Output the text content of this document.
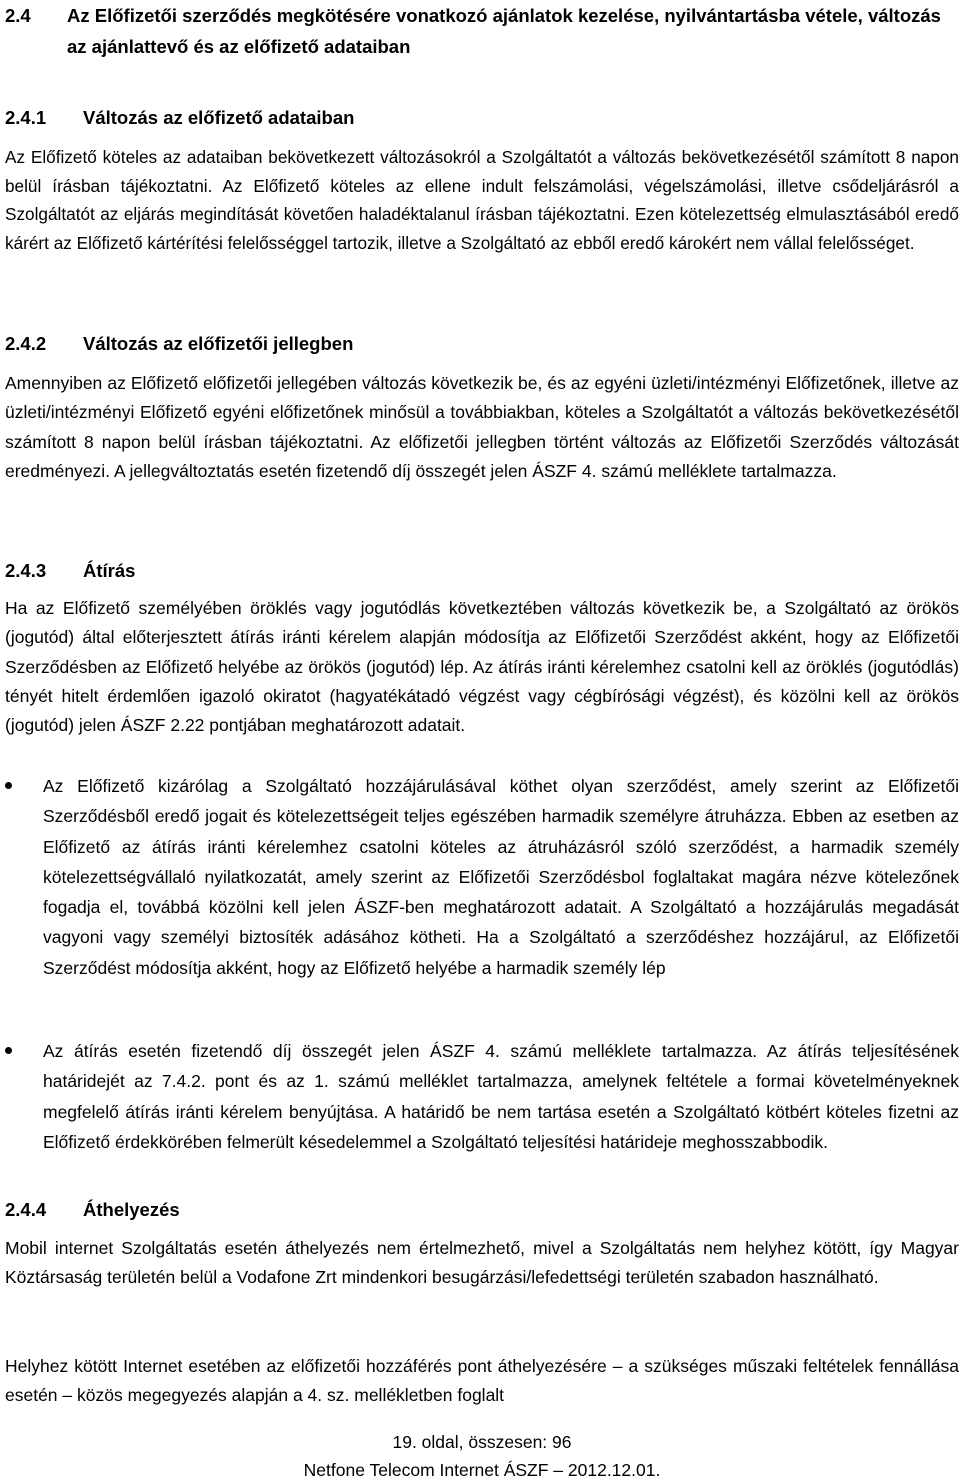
2.4	Az Előfizetői szerződés megkötésére vonatkozó ajánlatok kezelése, nyilvántartásba vétele, változás az ajánlattevő és az előfizető adataiban
2.4.1 Változás az előfizető adataiban
Az Előfizető köteles az adataiban bekövetkezett változásokról a Szolgáltatót a változás bekövetkezésétől számított 8 napon belül írásban tájékoztatni. Az Előfizető köteles az ellene indult felszámolási, végelszámolási, illetve csődeljárásról a Szolgáltatót az eljárás megindítását követően haladéktalanul írásban tájékoztatni. Ezen kötelezettség elmulasztásából eredő kárért az Előfizető kártérítési felelősséggel tartozik, illetve a Szolgáltató az ebből eredő károkért nem vállal felelősséget.
2.4.2 Változás az előfizetői jellegben
Amennyiben az Előfizető előfizetői jellegében változás következik be, és az egyéni üzleti/intézményi Előfizetőnek, illetve az üzleti/intézményi Előfizető egyéni előfizetőnek minősül a továbbiakban, köteles a Szolgáltatót a változás bekövetkezésétől számított 8 napon belül írásban tájékoztatni. Az előfizetői jellegben történt változás az Előfizetői Szerződés változását eredményezi. A jellegváltoztatás esetén fizetendő díj összegét jelen ÁSZF 4. számú melléklete tartalmazza.
2.4.3 Átírás
Ha az Előfizető személyében öröklés vagy jogutódlás következtében változás következik be, a Szolgáltató az örökös (jogutód) által előterjesztett átírás iránti kérelem alapján módosítja az Előfizetői Szerződést akként, hogy az Előfizetői Szerződésben az Előfizető helyébe az örökös (jogutód) lép. Az átírás iránti kérelemhez csatolni kell az öröklés (jogutódlás) tényét hitelt érdemlően igazoló okiratot (hagyatékátadó végzést vagy cégbírósági végzést), és közölni kell az örökös (jogutód) jelen ÁSZF 2.22 pontjában meghatározott adatait.
Az Előfizető kizárólag a Szolgáltató hozzájárulásával köthet olyan szerződést, amely szerint az Előfizetői Szerződésből eredő jogait és kötelezettségeit teljes egészében harmadik személyre átruházza. Ebben az esetben az Előfizető az átírás iránti kérelemhez csatolni köteles az átruházásról szóló szerződést, a harmadik személy kötelezettségvállaló nyilatkozatát, amely szerint az Előfizetői Szerződésbol foglaltakat magára nézve kötelezőnek fogadja el, továbbá közölni kell jelen ÁSZF-ben meghatározott adatait. A Szolgáltató a hozzájárulás megadását vagyoni vagy személyi biztosíték adásához kötheti. Ha a Szolgáltató a szerződéshez hozzájárul, az Előfizetői Szerződést módosítja akként, hogy az Előfizető helyébe a harmadik személy lép
Az átírás esetén fizetendő díj összegét jelen ÁSZF 4. számú melléklete tartalmazza. Az átírás teljesítésének határidejét az 7.4.2. pont és az 1. számú melléklet tartalmazza, amelynek feltétele a formai követelményeknek megfelelő átírás iránti kérelem benyújtása. A határidő be nem tartása esetén a Szolgáltató kötbért köteles fizetni az Előfizető érdekkörében felmerült késedelemmel a Szolgáltató teljesítési határideje meghosszabbodik.
2.4.4 Áthelyezés
Mobil internet Szolgáltatás esetén áthelyezés nem értelmezhető, mivel a Szolgáltatás nem helyhez kötött, így Magyar Köztársaság területén belül a Vodafone Zrt mindenkori besugárzási/lefedettségi területén szabadon használható.
Helyhez kötött Internet esetében az előfizetői hozzáférés pont áthelyezésére – a szükséges műszaki feltételek fennállása esetén – közös megegyezés alapján a 4. sz. mellékletben foglalt
19. oldal, összesen: 96
Netfone Telecom Internet ÁSZF – 2012.12.01.
